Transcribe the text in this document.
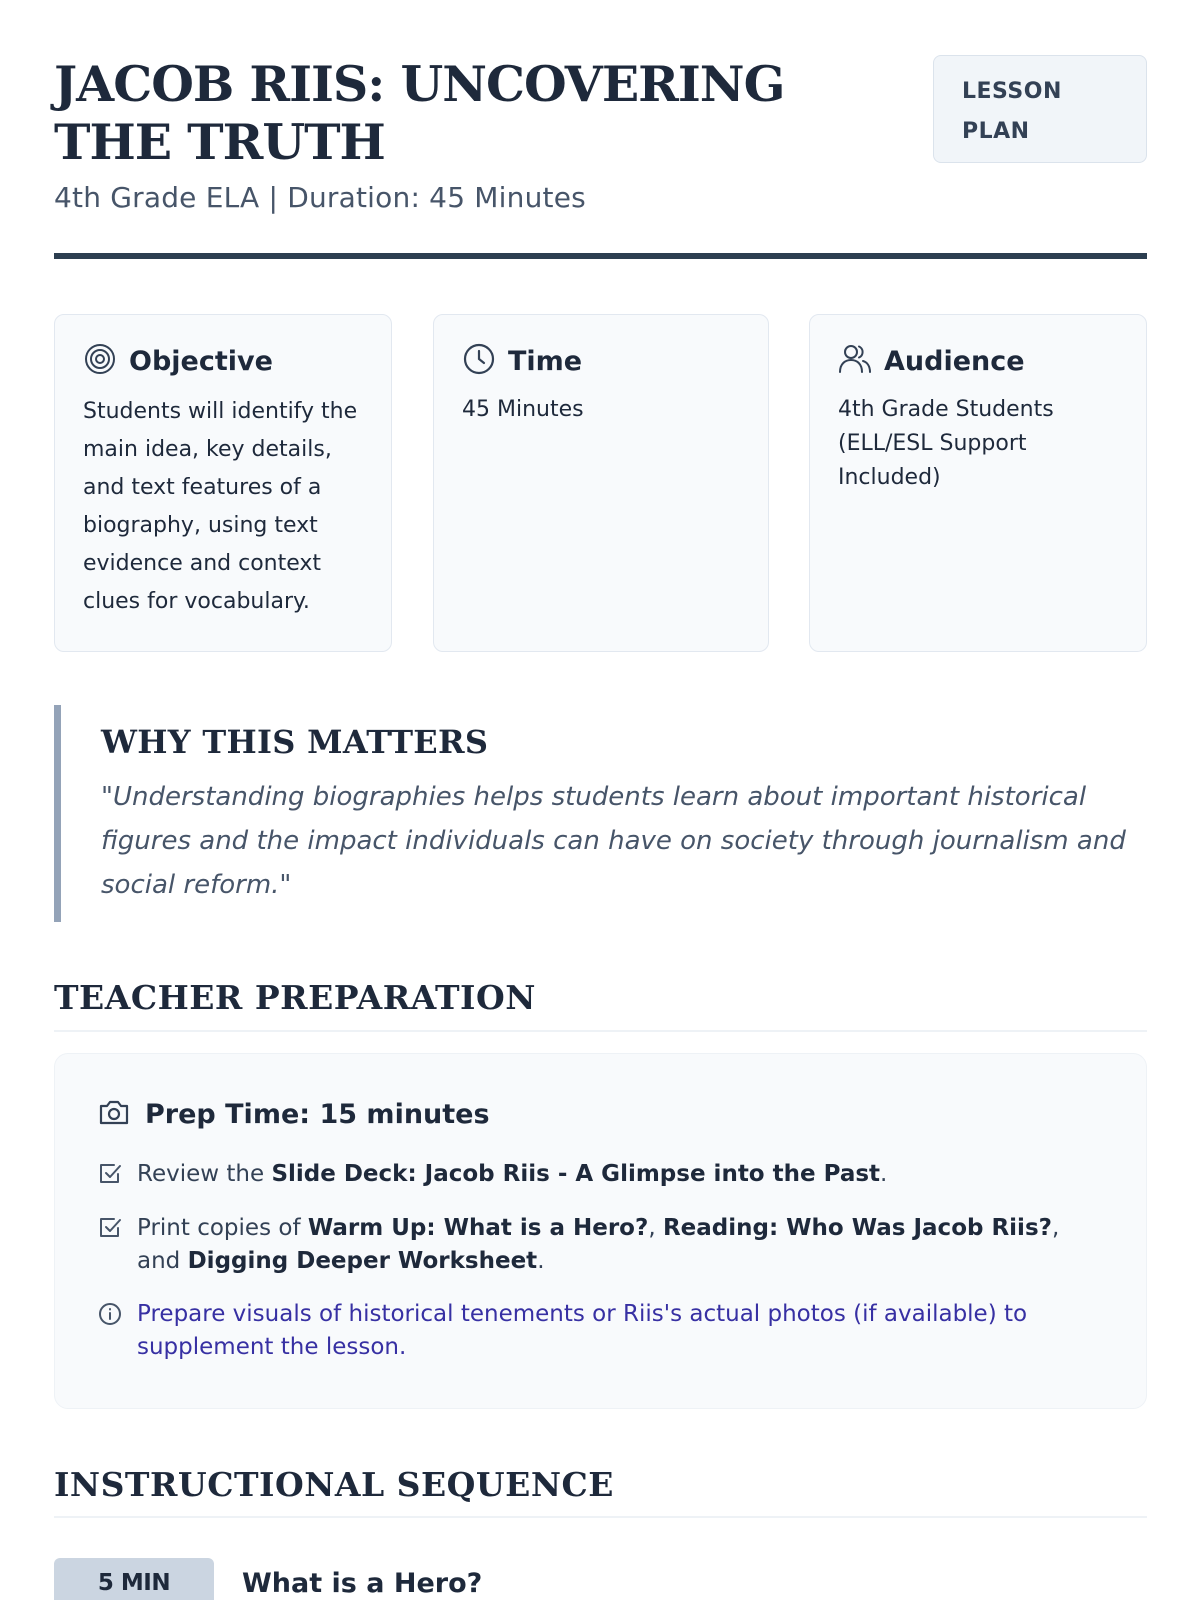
JACOB RIIS: UNCOVERING THE TRUTH
4th Grade ELA | Duration: 45 Minutes
LESSON
PLAN
Objective
Students will identify the main idea, key details, and text features of a biography, using text evidence and context clues for vocabulary.
Time
45 Minutes
Audience
4th Grade Students (ELL/ESL Support Included)
WHY THIS MATTERS

"Understanding biographies helps students learn about important historical figures and the impact individuals can have on society through journalism and social reform."

TEACHER PREPARATION
Prep Time: 15 minutes
Review the Slide Deck: Jacob Riis - A Glimpse into the Past.
Print copies of Warm Up: What is a Hero?, Reading: Who Was Jacob Riis?, and Digging Deeper Worksheet.
Prepare visuals of historical tenements or Riis's actual photos (if available) to supplement the lesson.
INSTRUCTIONAL SEQUENCE
5 MIN	What is a Hero?
